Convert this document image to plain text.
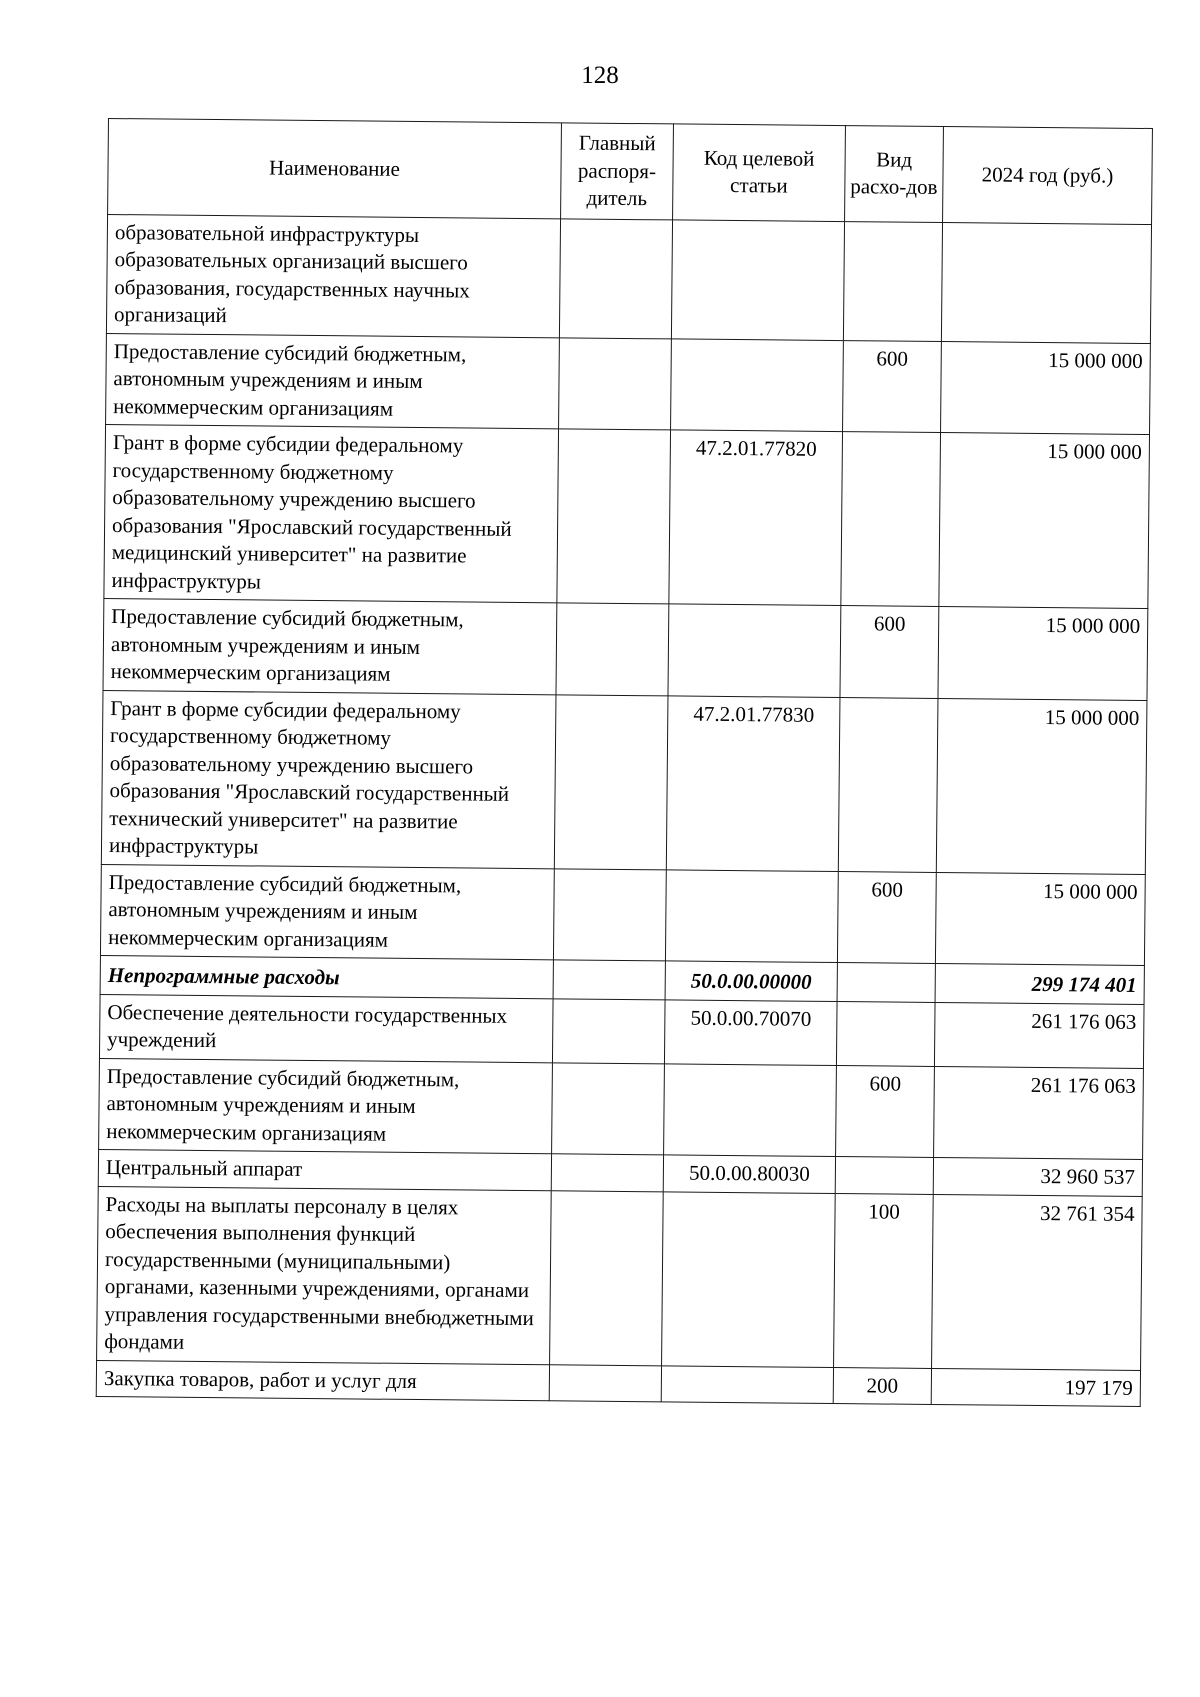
128
Наименование	Главный распоря-дитель	Код целевой статьи	Вид расхо-дов	2024 год (руб.)
образовательной инфраструктуры образовательных организаций высшего образования, государственных научных организаций				
Предоставление субсидий бюджетным, автономным учреждениям и иным некоммерческим организациям			600	15 000 000
Грант в форме субсидии федеральному государственному бюджетному образовательному учреждению высшего образования "Ярославский государственный медицинский университет" на развитие инфраструктуры		47.2.01.77820		15 000 000
Предоставление субсидий бюджетным, автономным учреждениям и иным некоммерческим организациям			600	15 000 000
Грант в форме субсидии федеральному государственному бюджетному образовательному учреждению высшего образования "Ярославский государственный технический университет" на развитие инфраструктуры		47.2.01.77830		15 000 000
Предоставление субсидий бюджетным, автономным учреждениям и иным некоммерческим организациям			600	15 000 000
Непрограммные расходы		50.0.00.00000		299 174 401
Обеспечение деятельности государственных учреждений		50.0.00.70070		261 176 063
Предоставление субсидий бюджетным, автономным учреждениям и иным некоммерческим организациям			600	261 176 063
Центральный аппарат		50.0.00.80030		32 960 537
Расходы на выплаты персоналу в целях обеспечения выполнения функций государственными (муниципальными) органами, казенными учреждениями, органами управления государственными внебюджетными фондами			100	32 761 354
Закупка товаров, работ и услуг для			200	197 179
